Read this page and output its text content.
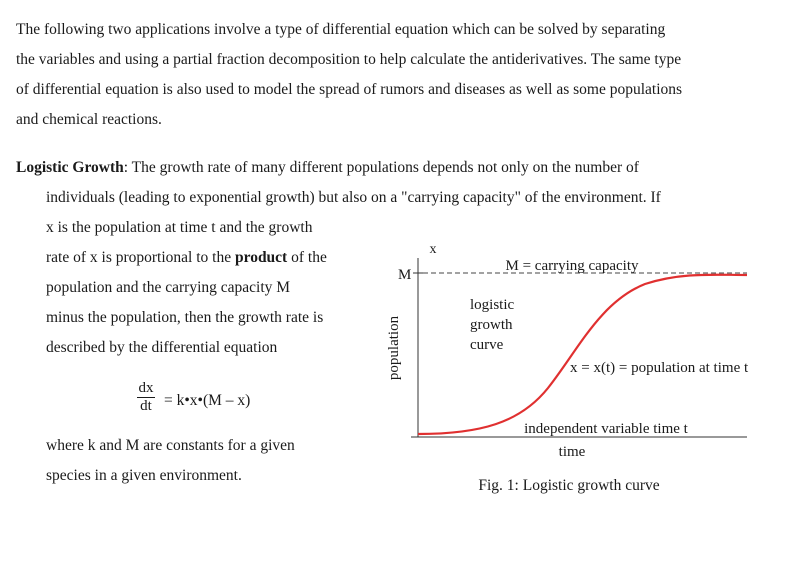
The following two applications involve a type of differential equation which can be solved by separating
the variables and using a partial fraction decomposition to help calculate the antiderivatives. The same type
of differential equation is also used to model the spread of rumors and diseases as well as some populations
and chemical reactions.
Logistic Growth: The growth rate of many different populations depends not only on the number of
individuals (leading to exponential growth) but also on a "carrying capacity" of the environment. If
x is the population at time t and the growth
rate of x is proportional to the product of the
population and the carrying capacity M
minus the population, then the growth rate is
described by the differential equation
$\frac{dx}{dt}$ = k•x•(M – x)
where k and M are constants for a given
species in a given environment.
x
M
M = carrying capacity
logistic
growth
curve
x = x(t) = population at time t
population
independent variable time t
time
Fig. 1: Logistic growth curve
